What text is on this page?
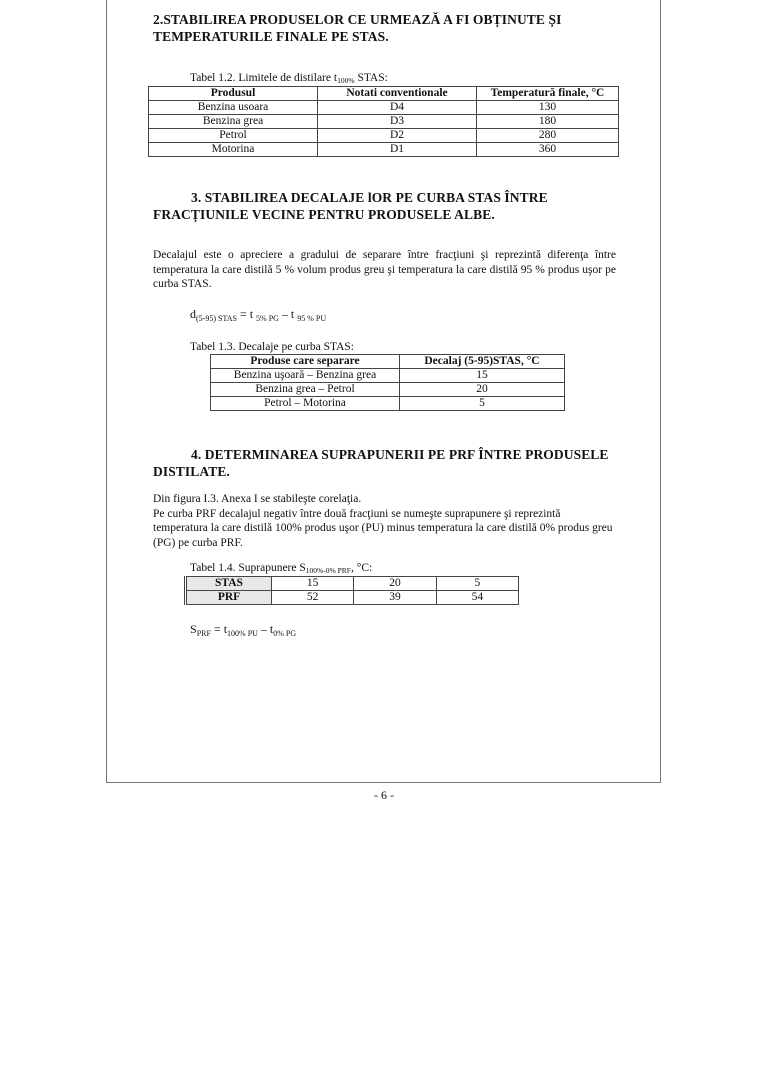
2.STABILIREA PRODUSELOR CE URMEAZĂ A FI OBȚINUTE ȘI TEMPERATURILE FINALE PE STAS.
Tabel 1.2. Limitele de distilare $t_{100\%}$ STAS:
Produsul	Notati conventionale	Temperatură finale, °C
Benzina usoara	D4	130
Benzina grea	D3	180
Petrol	D2	280
Motorina	D1	360
3. STABILIREA DECALAJE lOR PE CURBA STAS ÎNTRE FRACȚIUNILE VECINE PENTRU PRODUSELE ALBE.

Decalajul este o apreciere a gradului de separare între fracţiuni şi reprezintă diferenţa între temperatura la care distilă 5 % volum produs greu şi temperatura la care distilă 95 % produs uşor pe curba STAS.

$d_{(5-95) STAS} = t$ $_{5\% PG}$ – t $_{95 \% PU}$
Tabel 1.3. Decalaje pe curba STAS:
Produse care separare	Decalaj (5-95)STAS, °C
Benzina uşoară – Benzina grea	15
Benzina grea – Petrol	20
Petrol – Motorina	5
4. DETERMINAREA SUPRAPUNERII PE PRF ÎNTRE PRODUSELE DISTILATE.

Din figura I.3. Anexa I se stabileşte corelaţia.

Pe curba PRF decalajul negativ între două fracţiuni se numeşte suprapunere şi reprezintă temperatura la care distilă 100% produs uşor (PU) minus temperatura la care distilă 0% produs greu (PG) pe curba PRF.

Tabel 1.4. Suprapunere $S_{100\%-0\% PRF}$, °C:
STAS	15	20	5
PRF	52	39	54
$S_{PRF} = t_{100\% PU} - t_{0\% PG}$
- 6 -
